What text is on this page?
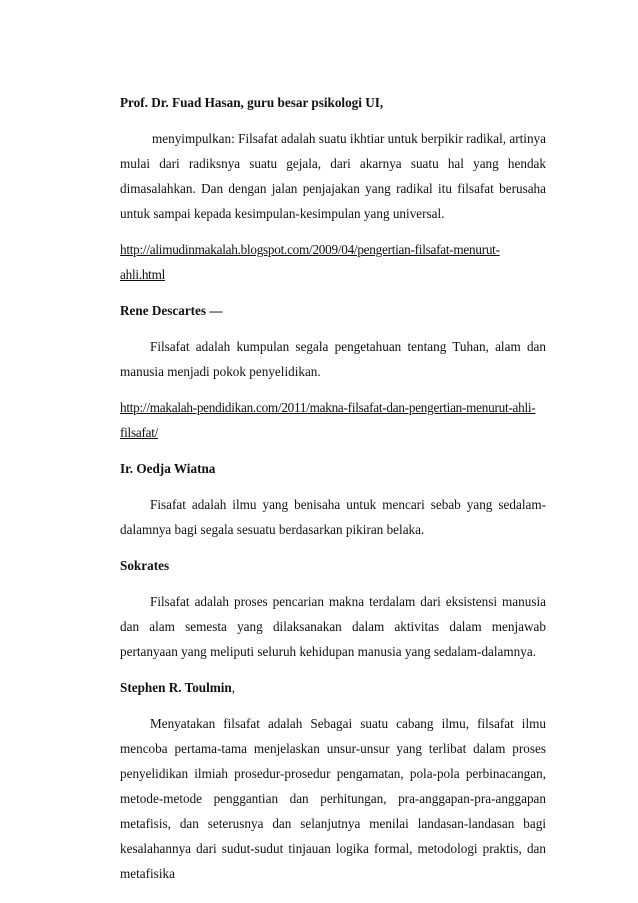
Prof. Dr. Fuad Hasan, guru besar psikologi UI,

menyimpulkan: Filsafat adalah suatu ikhtiar untuk berpikir radikal, artinya mulai dari radiksnya suatu gejala, dari akarnya suatu hal yang hendak dimasalahkan. Dan dengan jalan penjajakan yang radikal itu filsafat berusaha untuk sampai kepada kesimpulan-kesimpulan yang universal.

http://alimudinmakalah.blogspot.com/2009/04/pengertian-filsafat-menurut-
ahli.html
Rene Descartes —

Filsafat adalah kumpulan segala pengetahuan tentang Tuhan, alam dan manusia menjadi pokok penyelidikan.

http://makalah-pendidikan.com/2011/makna-filsafat-dan-pengertian-menurut-ahli-
filsafat/
Ir. Oedja Wiatna

Fisafat adalah ilmu yang benisaha untuk mencari sebab yang sedalam-dalamnya bagi segala sesuatu berdasarkan pikiran belaka.

Sokrates

Filsafat adalah proses pencarian makna terdalam dari eksistensi manusia dan alam semesta yang dilaksanakan dalam aktivitas dalam menjawab pertanyaan yang meliputi seluruh kehidupan manusia yang sedalam-dalamnya.

Stephen R. Toulmin,

Menyatakan filsafat adalah Sebagai suatu cabang ilmu, filsafat ilmu mencoba pertama-tama menjelaskan unsur-unsur yang terlibat dalam proses penyelidikan ilmiah prosedur-prosedur pengamatan, pola-pola perbinacangan, metode-metode penggantian dan perhitungan, pra-anggapan-pra-anggapan metafisis, dan seterusnya dan selanjutnya menilai landasan-landasan bagi kesalahannya dari sudut-sudut tinjauan logika formal, metodologi praktis, dan metafisika
